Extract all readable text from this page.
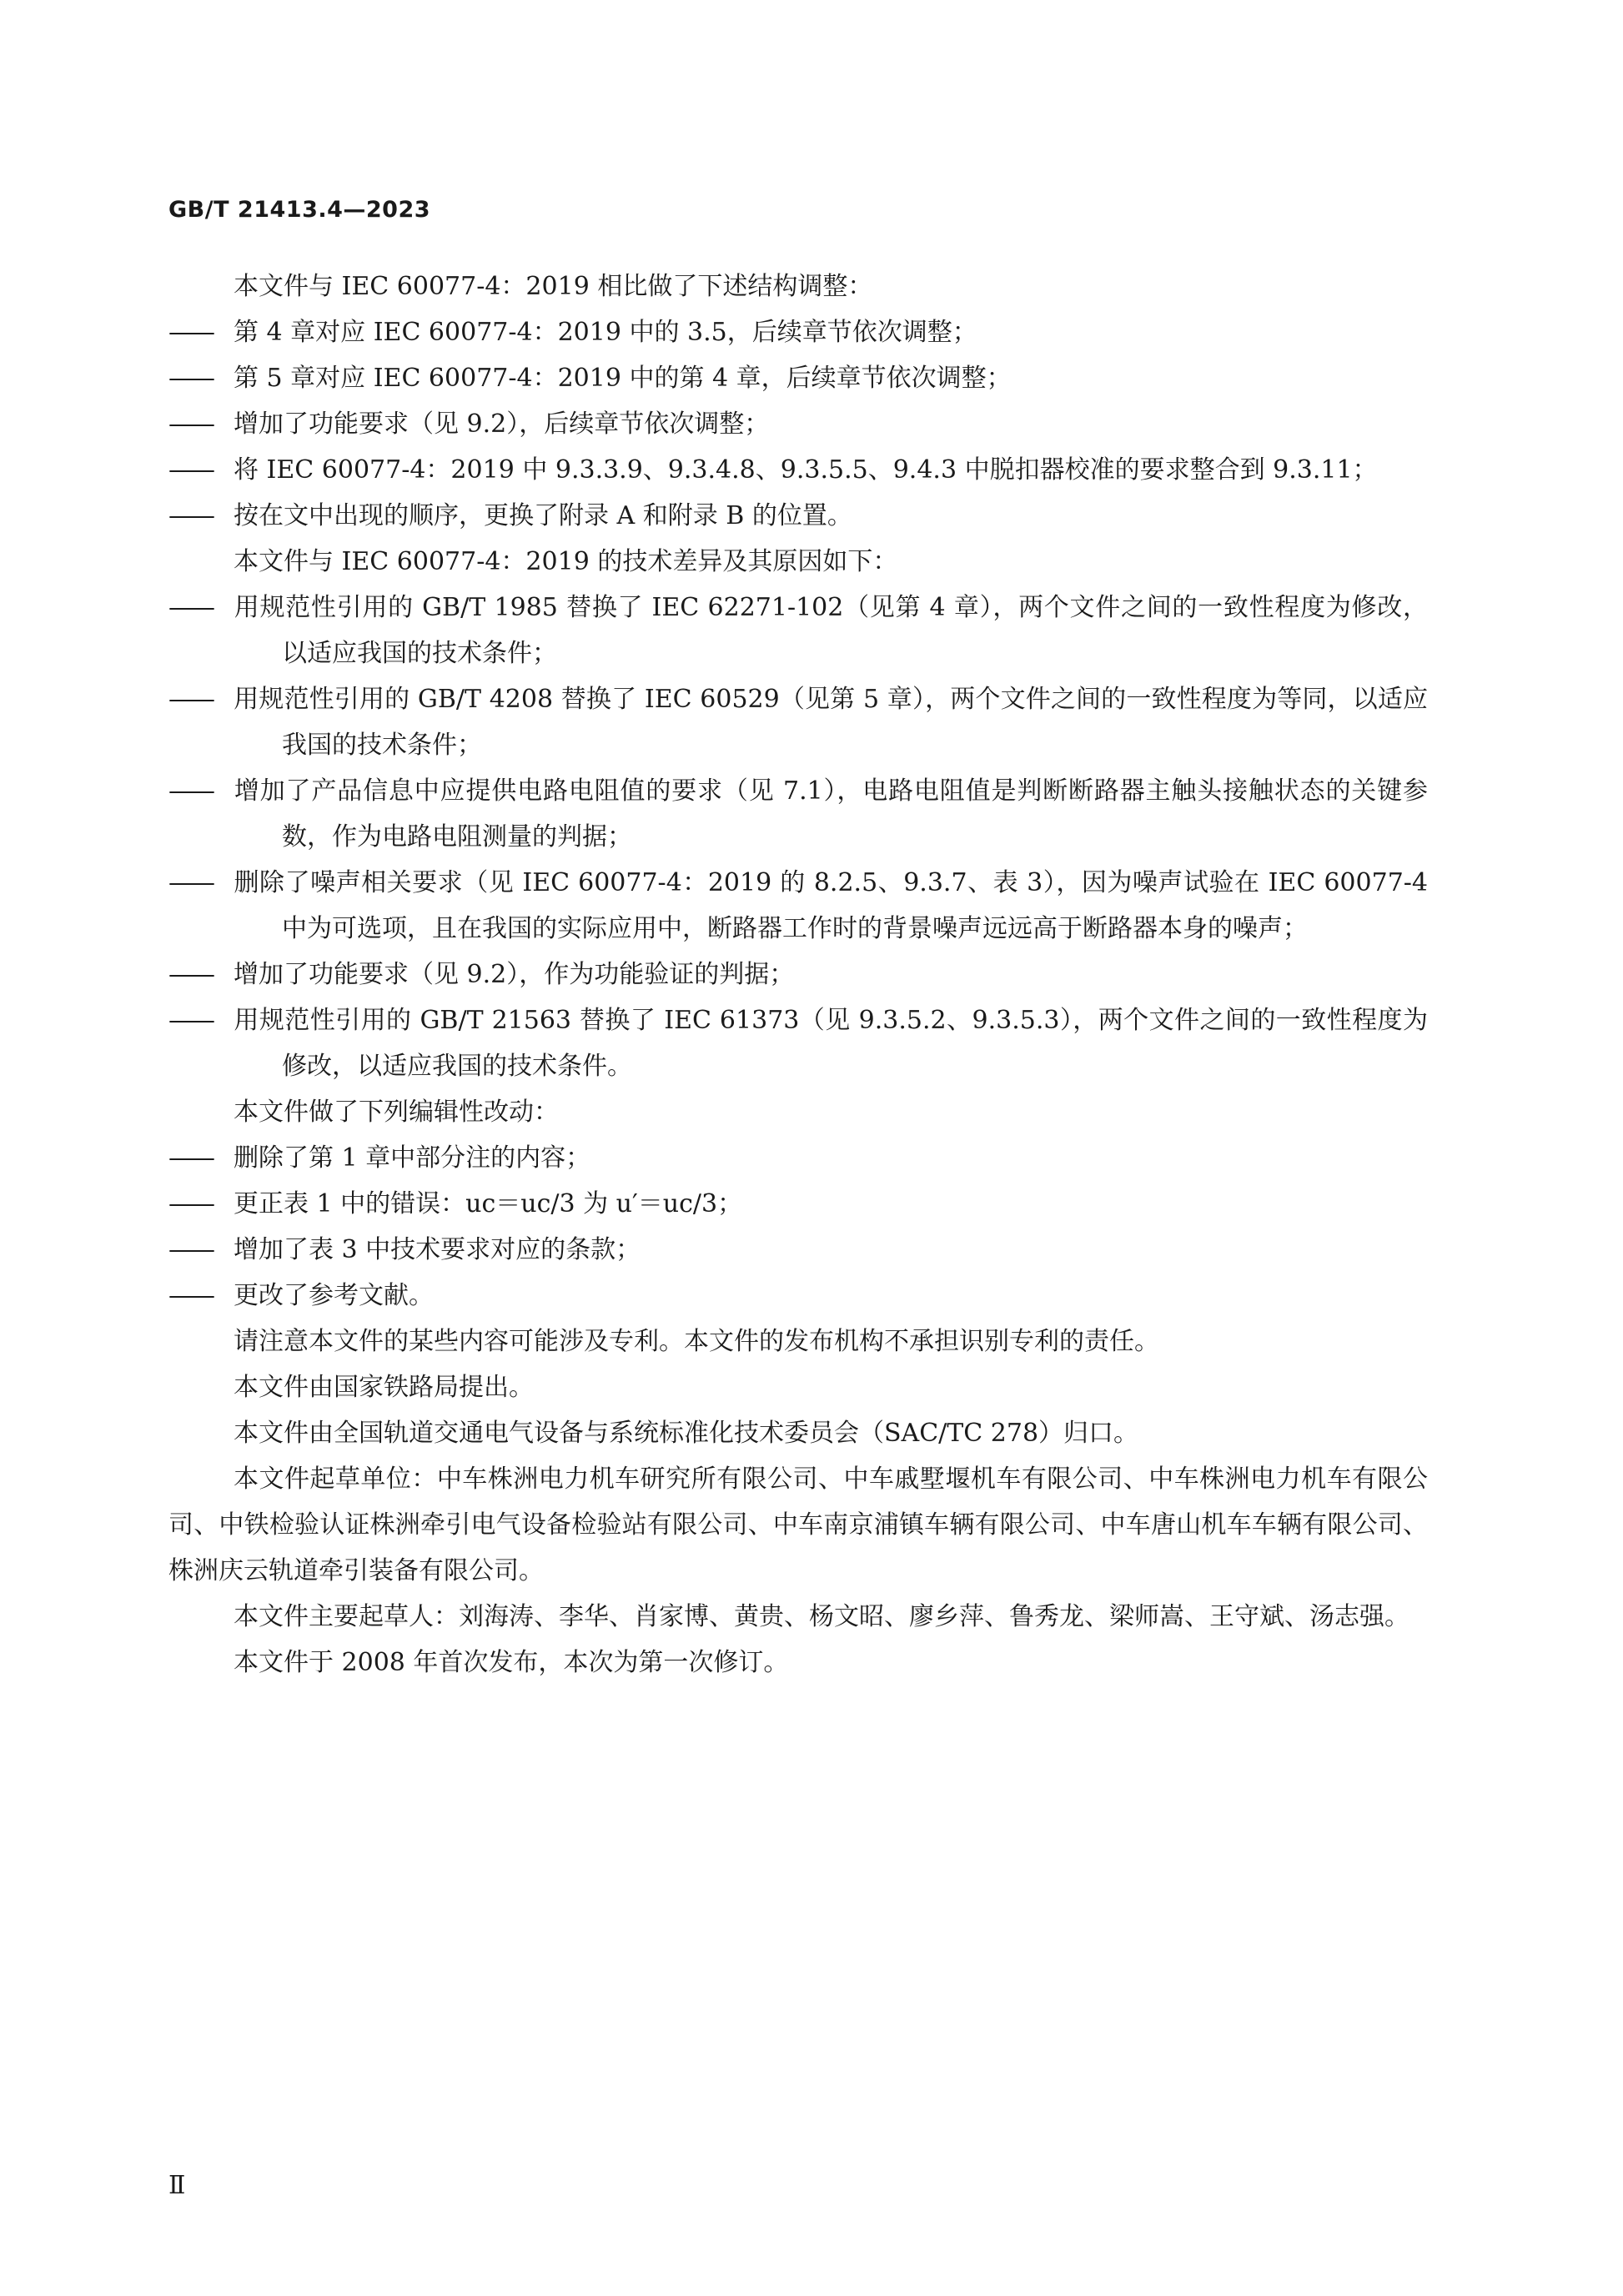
GB/T 21413.4—2023

本文件与 IEC 60077-4：2019 相比做了下述结构调整：

—— 第 4 章对应 IEC 60077-4：2019 中的 3.5，后续章节依次调整；

—— 第 5 章对应 IEC 60077-4：2019 中的第 4 章，后续章节依次调整；

—— 增加了功能要求（见 9.2），后续章节依次调整；

—— 将 IEC 60077-4：2019 中 9.3.3.9、9.3.4.8、9.3.5.5、9.4.3 中脱扣器校准的要求整合到 9.3.11；

—— 按在文中出现的顺序，更换了附录 A 和附录 B 的位置。

本文件与 IEC 60077-4：2019 的技术差异及其原因如下：

—— 用规范性引用的 GB/T 1985 替换了 IEC 62271-102（见第 4 章），两个文件之间的一致性程度为修改，以适应我国的技术条件；

—— 用规范性引用的 GB/T 4208 替换了 IEC 60529（见第 5 章），两个文件之间的一致性程度为等同，以适应我国的技术条件；

—— 增加了产品信息中应提供电路电阻值的要求（见 7.1），电路电阻值是判断断路器主触头接触状态的关键参数，作为电路电阻测量的判据；

—— 删除了噪声相关要求（见 IEC 60077-4：2019 的 8.2.5、9.3.7、表 3），因为噪声试验在 IEC 60077-4 中为可选项，且在我国的实际应用中，断路器工作时的背景噪声远远高于断路器本身的噪声；

—— 增加了功能要求（见 9.2），作为功能验证的判据；

—— 用规范性引用的 GB/T 21563 替换了 IEC 61373（见 9.3.5.2、9.3.5.3），两个文件之间的一致性程度为修改，以适应我国的技术条件。

本文件做了下列编辑性改动：

—— 删除了第 1 章中部分注的内容；

—— 更正表 1 中的错误：uc＝uc/3 为 u′＝uc/3；

—— 增加了表 3 中技术要求对应的条款；

—— 更改了参考文献。

请注意本文件的某些内容可能涉及专利。本文件的发布机构不承担识别专利的责任。

本文件由国家铁路局提出。

本文件由全国轨道交通电气设备与系统标准化技术委员会（SAC/TC 278）归口。

本文件起草单位：中车株洲电力机车研究所有限公司、中车戚墅堰机车有限公司、中车株洲电力机车有限公司、中铁检验认证株洲牵引电气设备检验站有限公司、中车南京浦镇车辆有限公司、中车唐山机车车辆有限公司、株洲庆云轨道牵引装备有限公司。

本文件主要起草人：刘海涛、李华、肖家博、黄贵、杨文昭、廖乡萍、鲁秀龙、梁师嵩、王守斌、汤志强。

本文件于 2008 年首次发布，本次为第一次修订。

Ⅱ
